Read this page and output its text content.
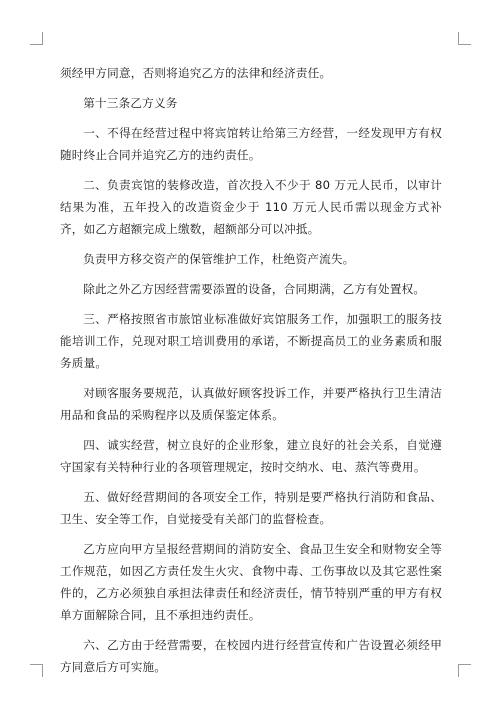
须经甲方同意，否则将追究乙方的法律和经济责任。

第十三条乙方义务

一、不得在经营过程中将宾馆转让给第三方经营，一经发现甲方有权随时终止合同并追究乙方的违约责任。

二、负责宾馆的装修改造，首次投入不少于 80 万元人民币，以审计结果为准，五年投入的改造资金少于 110 万元人民币需以现金方式补齐，如乙方超额完成上缴数，超额部分可以冲抵。

负责甲方移交资产的保管维护工作，杜绝资产流失。

除此之外乙方因经营需要添置的设备，合同期满，乙方有处置权。

三、严格按照省市旅馆业标准做好宾馆服务工作，加强职工的服务技能培训工作，兑现对职工培训费用的承诺，不断提高员工的业务素质和服务质量。

对顾客服务要规范，认真做好顾客投诉工作，并要严格执行卫生清洁用品和食品的采购程序以及质保鉴定体系。

四、诚实经营，树立良好的企业形象，建立良好的社会关系，自觉遵守国家有关特种行业的各项管理规定，按时交纳水、电、蒸汽等费用。

五、做好经营期间的各项安全工作，特别是要严格执行消防和食品、卫生、安全等工作，自觉接受有关部门的监督检查。

乙方应向甲方呈报经营期间的消防安全、食品卫生安全和财物安全等工作规范，如因乙方责任发生火灾、食物中毒、工伤事故以及其它恶性案件的，乙方必须独自承担法律责任和经济责任，情节特别严重的甲方有权单方面解除合同，且不承担违约责任。

六、乙方由于经营需要，在校园内进行经营宣传和广告设置必须经甲方同意后方可实施。
